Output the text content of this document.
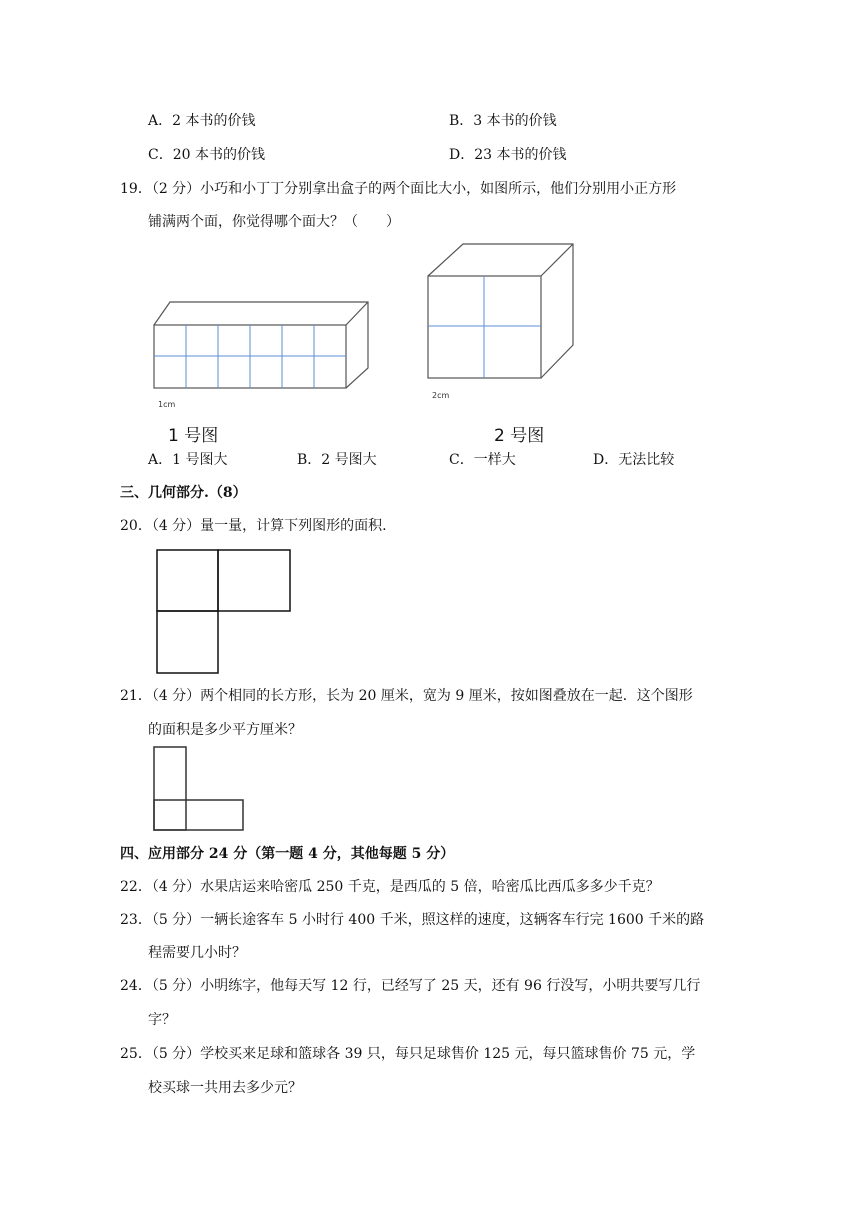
A．2 本书的价钱	B．3 本书的价钱
C．20 本书的价钱	D．23 本书的价钱
19．（2 分）小巧和小丁丁分别拿出盒子的两个面比大小，如图所示，他们分别用小正方形
铺满两个面，你觉得哪个面大？（　　）
1cm
1 号图
2cm
2 号图
A．1 号图大	B．2 号图大	C．一样大	D．无法比较
三、几何部分.（8）
20．（4 分）量一量，计算下列图形的面积.
21．（4 分）两个相同的长方形，长为 20 厘米，宽为 9 厘米，按如图叠放在一起．这个图形
的面积是多少平方厘米？
四、应用部分 24 分（第一题 4 分，其他每题 5 分）
22．（4 分）水果店运来哈密瓜 250 千克，是西瓜的 5 倍，哈密瓜比西瓜多多少千克？
23．（5 分）一辆长途客车 5 小时行 400 千米，照这样的速度，这辆客车行完 1600 千米的路
程需要几小时？
24．（5 分）小明练字，他每天写 12 行，已经写了 25 天，还有 96 行没写，小明共要写几行
字？
25．（5 分）学校买来足球和篮球各 39 只，每只足球售价 125 元，每只篮球售价 75 元，学
校买球一共用去多少元？
